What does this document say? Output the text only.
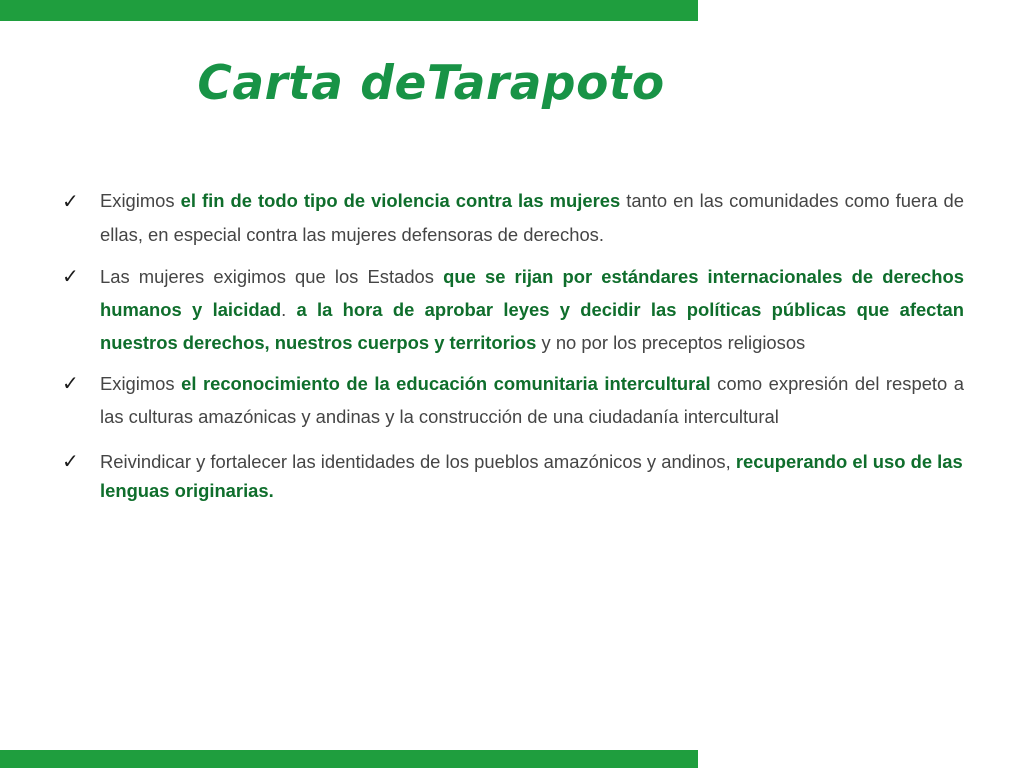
Carta deTarapoto
✓ Exigimos el fin de todo tipo de violencia contra las mujeres tanto en las comunidades como fuera de ellas, en especial contra las mujeres defensoras de derechos.
✓ Las mujeres exigimos que los Estados que se rijan por estándares internacionales de derechos humanos y laicidad. a la hora de aprobar leyes y decidir las políticas públicas que afectan nuestros derechos, nuestros cuerpos y territorios y no por los preceptos religiosos
✓ Exigimos el reconocimiento de la educación comunitaria intercultural como expresión del respeto a las culturas amazónicas y andinas y la construcción de una ciudadanía intercultural
✓ Reivindicar y fortalecer las identidades de los pueblos amazónicos y andinos, recuperando el uso de las lenguas originarias.
